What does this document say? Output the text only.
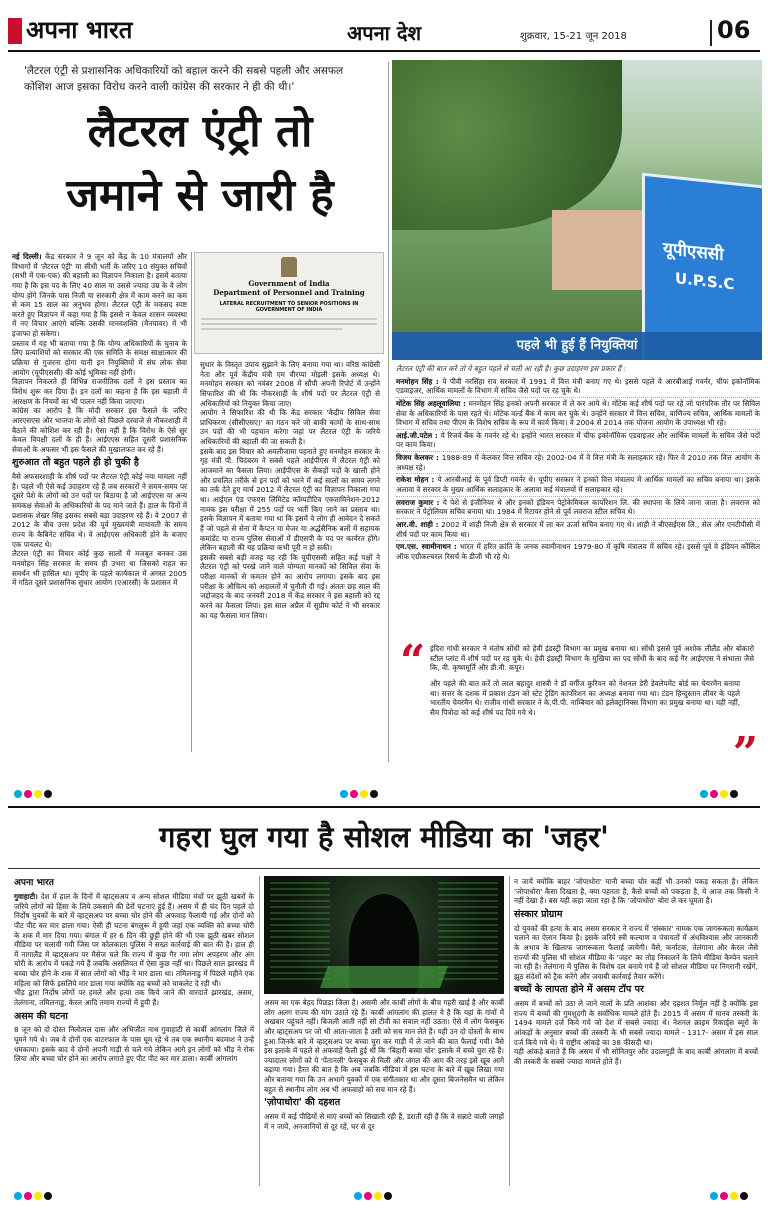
अपना भारत	अपना देश	शुक्रवार, 15-21 जून 2018	06
'लैटरल एंट्री से प्रशासनिक अधिकारियों को बहाल करने की सबसे पहली और असफल कोशिश आज इसका विरोध करने वाली कांग्रेस की सरकार ने ही की थी।'
लैटरल एंट्री तो
जमाने से जारी है

नई दिल्ली। केंद्र सरकार ने 9 जून को केंद्र के 10 मंत्रालयों और विभागों में 'लैटरल एंट्री' या सीधी भर्ती के जरिए 10 संयुक्त सचिवों (सभी में एक-एक) की बहाली का विज्ञापन निकाला है। इसमें बताया गया है कि इस पद के लिए 40 साल या उससे ज्यादा उम्र के वे लोग योग्य होंगे जिनके पास निजी या सरकारी क्षेत्र में काम करने का कम से कम 15 साल का अनुभव होगा। लैटरल एंट्री के मकसद स्पष्ट करते हुए विज्ञापन में कहा गया है कि इससे न केवल शासन व्यवस्था में नए विचार आएंगे बल्कि उसकी मानवशक्ति (मैनपावर) में भी इजाफा हो सकेगा।

प्रस्ताव में यह भी बताया गया है कि योग्य अधिकारियों के चुनाव के लिए प्रत्याशियों को सरकार की एक समिति के समक्ष साक्षात्कार की प्रक्रिया से गुजरना होगा यानी इन नियुक्तियों में संघ लोक सेवा आयोग (यूपीएससी) की कोई भूमिका नहीं होगी।

विज्ञापन निकलते ही विभिन्न राजनीतिक दलों ने इस प्रस्ताव का विरोध शुरू कर दिया है। इन दलों का कहना है कि इस बहाली में आरक्षण के नियमों का भी पालन नहीं किया जाएगा।

कांग्रेस का आरोप है कि मोदी सरकार इस फैसले के जरिए आरएसएस और भाजपा के लोगों को पिछले दरवाजे से नौकरशाही में बैठाने की कोशिश कर रही है। ऐसा नहीं है कि विरोध के ऐसे सुर केवल विपक्षी दलों के ही हैं। आईएएस सहित दूसरी प्रशासनिक सेवाओं के अफसर भी इस फैसले की मुखालफत कर रहे हैं।

शुरुआत तो बहुत पहले ही हो चुकी है

वैसे अफसरशाही के शीर्ष पदों पर लैटरल एंट्री कोई नया मामला नहीं है। पहले भी ऐसे कई उदाहरण रहे हैं जब सरकारों ने समय-समय पर दूसरे पेशे के लोगों को उन पदों पर बिठाया है जो आईएएस या अन्य समकक्ष सेवाओं के अधिकारियों के पद माने जाते हैं। हाल के दिनों में प्रशासक शेखर सिंह इसका सबसे बड़ा उदाहरण रहे हैं। वे 2007 से 2012 के बीच उत्तर प्रदेश की पूर्व मुख्यमंत्री मायावती के समय राज्य के कैबिनेट सचिव थे। वे आईएएस अधिकारी होने के बजाए एक पायलट थे।

लैटरल एंट्री का विचार कोई कुछ सालों में मजबूत बनकर उस मनमोहन सिंह सरकार के समय ही उभरा था जिसको राहत का समर्थन भी हासिल था। यूपीए के पहले कार्यकाल में अगस्त 2005 में गठित दूसरे प्रशासनिक सुधार आयोग (एआरसी) के प्रशासन में

Government of India
Department of Personnel and Training
LATERAL RECRUITMENT TO SENIOR POSITIONS IN GOVERNMENT OF INDIA

सुधार के विस्तृत उपाय सुझाने के लिए बनाया गया था। वरिष्ठ कांग्रेसी नेता और पूर्व केंद्रीय मंत्री एम वीरप्पा मोइली इसके अध्यक्ष थे। मनमोहन सरकार को नवंबर 2008 में सौंपी अपनी रिपोर्ट में उन्होंने सिफारिश की थी कि नौकरशाही के शीर्ष पदों पर लैटरल एंट्री से अधिकारियों को नियुक्त किया जाए।

आयोग ने सिफारिश की थी कि केंद्र सरकार 'केंद्रीय सिविल सेवा प्राधिकरण (सीसीएसए)' का गठन करे जो बाकी कामों के साथ-साथ उन पदों की भी पहचान करेगा जहां पर लैटरल एंट्री के जरिये अधिकारियों की बहाली की जा सकती है।

इसके बाद इस विचार को अमलीजामा पहनाते हुए मनमोहन सरकार के गृह मंत्री पी. चिदंबरम ने सबसे पहले आईपीएस में लैटरल एंट्री को आजमाने का फैसला लिया। आईपीएस के सैकड़ों पदों के खाली होने और प्रचलित तरीके से इन पदों को भरने में कई सालों का समय लगने का तर्क देते हुए मार्च 2012 में लैटरल एंट्री का विज्ञापन निकाला गया था। आईएल एंड एफएस लिमिटेड कॉम्पटीटिव एक्जामिनेशन-2012 नामक इस परीक्षा में 255 पदों पर भर्ती किए जाने का प्रस्ताव था। इसके विज्ञापन में बताया गया था कि इसमें वे लोग ही आवेदन दे सकते हैं जो पहले से सेना में कैप्टन या मेजर या अर्द्धसैनिक बलों में सहायक कमांडेंट या राज्य पुलिस सेवाओं में डीएसपी के पद पर कार्यरत होंगे। लेकिन बहाली की यह प्रक्रिया कभी पूरी न हो सकी।

इसकी सबसे बड़ी वजह यह रही कि यूपीएससी सहित कई पक्षों ने लैटरल एंट्री को परखे जाने वाले योग्यता मानकों को सिविल सेवा के परीक्षा मानकों से कमतर होने का आरोप लगाया। इसके बाद इस परीक्षा के औचित्य को अदालतों में चुनौती दी गई। अंततः छह साल की जद्दोजहद के बाद जनवरी 2018 में केंद्र सरकार ने इस बहाली को रद्द करने का फैसला लिया। इस साल अप्रैल में सुप्रीम कोर्ट ने भी सरकार का यह फैसला मान लिया।

यूपीएससी
U.P.S.C
पहले भी हुई हैं नियुक्तियां

लैटरल एंट्री की बात करें तो ये बहुत पहले से चली आ रही है। कुछ उदाहरण इस प्रकार हैं :

मनमोहन सिंह : ये पीवी नरसिंहा राव सरकार में 1991 में वित्त मंत्री बनाए गए थे। इससे पहले वे आरबीआई गवर्नर, चीफ इकोनॉमिक एडवाइजर, आर्थिक मामलों के विभाग में सचिव जैसे पदों पर रह चुके थे।

मोंटेक सिंह अहलूवालिया : मनमोहन सिंह इनको अपनी सरकार में ले कर आये थे। मोंटेक कई शीर्ष पदों पर रहे जो पारंपरिक तौर पर सिविल सेवा के अधिकारियों के पास रहते थे। मोंटेक वर्ल्ड बैंक में काम कर चुके थे। उन्होंने सरकार में वित्त सचिव, वाणिज्य सचिव, आर्थिक मामलों के विभाग में सचिव तथा पीएम के विशेष सचिव के रूप में कार्य किया। वे 2004 से 2014 तक योजना आयोग के उपाध्यक्ष भी रहे।

आई.जी.पटेल : ये रिजर्व बैंक के गवर्नर रहे थे। इन्होंने भारत सरकार में चीफ इकोनॉमिक एडवाइजर और आर्थिक मामलों के सचिव जैसे पदों पर काम किया।

विजय केलकर : 1988-89 में केलकर वित्त सचिव रहे। 2002-04 में वे वित्त मंत्री के सलाहकार रहे। फिर वे 2010 तक वित्त आयोग के अध्यक्ष रहे।

राकेश मोहन : ये आरबीआई के पूर्व डिप्टी गवर्नर थे। यूपीए सरकार ने इनको वित्त मंत्रालय में आर्थिक मामलों का सचिव बनाया था। इसके अलावा वे सरकार के मुख्य आर्थिक सलाहकार के अलावा कई मंत्रालयों में सलाहकार रहे।

लवराज कुमार : ये पेशे से इंजीनियर थे और इनको इंडियन पेट्रोकेमिकल कार्पोरेशन लि. की स्थापना के लिये जाना जाता है। लवराज को सरकार ने पेट्रोलियम सचिव बनाया था। 1984 में रिटायर होने से पूर्व लवराज स्टील सचिव थे।

आर.वी. शाही : 2002 में शाही निजी क्षेत्र से सरकार में ला कर ऊर्जा सचिव बनाए गए थे। शाही ने बीएसईएस लि., सेल और एनटीपीसी में शीर्ष पदों पर काम किया था।

एम.एस. स्वामीनाथन : भारत में हरित क्रांति के जनक स्वामीनाथन 1979-80 में कृषि मंत्रालय में सचिव रहे। इससे पूर्व वे इंडियन कौंसिल ऑफ एग्रीकल्चरल रिसर्च के डीजी भी रहे थे।

“ इंदिरा गांधी सरकार ने मंतोष सोंधी को हेवी इंडस्ट्री विभाग का प्रमुख बनाया था। सोंधी इससे पूर्व अशोक लीलैंड और बोकारो स्टील प्लांट में शीर्ष पदों पर रह चुके थे। हेवी इंडस्ट्री विभाग के मुखिया का पद सोंधी के बाद कई गैर आईएएस ने संभाला जैसे कि, वी. कृष्णमूर्ति और डी.वी. कपूर।

और पहले की बात करें तो लाल बहादुर शास्त्री ने डॉ वर्गीज कुरियन को नेशनल डेरी डेवलेपमेंट बोर्ड का चेयरमैन बनाया था। सत्तर के दशक में प्रकाश टंडन को स्टेट ट्रेडिंग कार्पोरेशन का अध्यक्ष बनाया गया था। टंडन हिन्दुस्तान लीवर के पहले भारतीय चेयरमैन थे। राजीव गांधी सरकार ने के.पी.पी. नाम्बियार को इलेक्ट्रानिक्स विभाग का प्रमुख बनाया था। यही नहीं, सैम पित्रोदा को कई शीर्ष पद दिये गये थे।

”
गहरा घुल गया है सोशल मीडिया का 'जहर'
अपना भारत

गुवाहाटी। देश में हाल के दिनों में व्हाट्सअप व अन्य सोशल मीडिया मंचों पर झूठी खबरों के जरिये लोगों को हिंसा के लिये उकसाने की ढेरों घटनाएं हुई हैं। असम में ही चंद दिन पहले दो निर्दोष युवकों के बारे में व्हाट्सअप पर बच्चा चोर होने की अफवाह फैलायी गई और दोनों को पीट पीट कर मार डाला गया। ऐसी ही घटना बंगलुरू में हुयी जहां एक व्यक्ति को बच्चा चोरी के शक में मार दिया गया। बंगाल में हर 6 दिन की छुट्टी होने की भी एक झूठी खबर सोशल मीडिया पर चलायी गयी जिस पर कोलकाता पुलिस ने सख्त कार्रवाई की बात की है। हाल ही में नागालैंड में व्हाट्सअप पर मैसेज चले कि राज्य में कुछ गैर नगा लोग अपहरण और अंग चोरी के आरोप में पकड़े गये हैं जबकि असलियत में ऐसा कुछ नहीं था। पिछले साल झारखंड में बच्चा चोर होने के शक में सात लोगों को भीड़ ने मार डाला था। तमिलनाडु में पिछले महीने एक महिला को सिर्फ इसलिये मार डाला गया क्योंकि वह बच्चों को चाकलेट दे रही थी।

भीड़ द्वारा निर्दोष लोगों पर हमले और हत्या तक किये जाने की वारदातें झारखंड, असम, तेलंगाना, तमिलनाडु, केरल आदि तमाम राज्यों में हुयी हैं।

असम की घटना

8 जून को दो दोस्त निलोत्पल दास और अभिजीत नाथ गुवाहाटी से कार्बी आंगलांग जिले में घूमने गये थे। जब वे दोनों एक वाटरफाल के पास घूम रहे थे तब एक स्थानीय बदमाश ने उन्हें धमकाया। इसके बाद ये दोनों अपनी गाड़ी से चले गये लेकिन आगे इन लोगों को भीड़ ने रोक लिया और बच्चा चोर होने का आरोप लगाते हुए पीट पीट कर मार डाला। कार्बी आंगलांग

असम का एक बेहद पिछड़ा जिला है। असमी और कार्बी लोगों के बीच गहरी खाई है और कार्बी लोग अलग राज्य की मांग उठाते रहे हैं। कार्बी आंगलांग की हालत ये है कि यहां के गांवों में अखबार पहुंचते नहीं। बिजली आती नहीं सो टीवी का सवाल नहीं उठता। ऐसे में लोग फेसबुक और व्हाट्सअप पर जो भी आता-जाता है उसी को सच मान लेते हैं। यही उन दो दोस्तों के साथ हुआ जिनके बारे में व्हाट्सअप पर बच्चा चुरा कर गाड़ी में ले जाने की बात फैलाई गयी। वैसे इस इलाके में पहले से अफवाहें फैली हुई थीं कि 'बिहारी बच्चा चोर' इलाके में बच्चे चुरा रहे हैं। ज्यादातर लोगों को ये 'पेंतानली' फेसबुक से मिली और जंगल की आग की तरह इसे खूब आगे बढ़ाया गया। हैरत की बात है कि अब जबकि मीडिया में इस घटना के बारे में खूब लिखा गया और बताया गया कि उन अभागे युवकों में एक संगीतकार था और दूसरा बिजनेसमैन था लेकिन बहुत से स्थानीय लोग अब भी अफवाहों को सच मान रहे हैं।

'ज़ोपाधोरा' की दहशत

असम में कई पीढ़ियों से माएं बच्चों को सिखाती रही हैं, डराती रही हैं कि वे सन्नाटे वाली जगहों में न जायें, अनजानियों से दूर रहें, घर से दूर

न जायें क्योंकि बाहर 'जोपाधोरा' यानी बच्चा चोर कहीं भी उनको पकड़ सकता है। लेकिन 'जोपाधोरा' कैसा दिखता है, क्या पहनता है, कैसे बच्चों को पकड़ता है, ये आज तक किसी ने नहीं देखा है। बस यही कहा जाता रहा है कि 'जोपाधोरा' बोरा ले कर घूमता है।

संस्कार प्रोग्राम

दो युवकों की हत्या के बाद असम सरकार ने राज्य में 'संस्कार' नामक एक जागरूकता कार्यक्रम चलाने का ऐलान किया है। इसके जरिये स्त्री कल्याण व पंचायतों में अंधविश्वास और जानकारी के अभाव के खिलाफ जागरूकता फैलाई जायेगी। वैसे, कर्नाटक, तेलंगाना और केरल जैसे राज्यों की पुलिस भी सोशल मीडिया के 'जहर' का तोड़ निकालने के लिये मीडिया कैम्पेन चलाने जा रही है। तेलंगाना में पुलिस के विशेष दल बनाये गये हैं जो सोशल मीडिया पर निगरानी रखेंगे, झूठ संदेशों को ट्रैक करेंगे और जवाबी कार्रवाई तैयार करेंगे।

बच्चों के लापता होने में असम टॉप पर

असम में बच्चों को उठा ले जाने वालों के प्रति आशंका और दहशत निर्मूल नहीं है क्योंकि इस राज्य में बच्चों की गुमशुदगी के सर्वाधिक मामले होते हैं। 2015 में असम में मानव तस्करी के 1494 मामले दर्ज किये गये जो देश में सबसे ज्यादा थे। नेशनल क्राइम रिकार्ड्स ब्यूरो के आंकड़ों के अनुसार बच्चों की तस्करी के भी सबसे ज्यादा मामले - 1317- असम में इस साल दर्ज किये गये थे। ये राष्ट्रीय आंकड़े का 38 फीसदी था।

यही आंकड़े बताते हैं कि असम में भी सोनितपुर और उदालगुड़ी के बाद कार्बी आंगलांग में बच्चों की तस्करी के सबसे ज्यादा मामले होते हैं।
